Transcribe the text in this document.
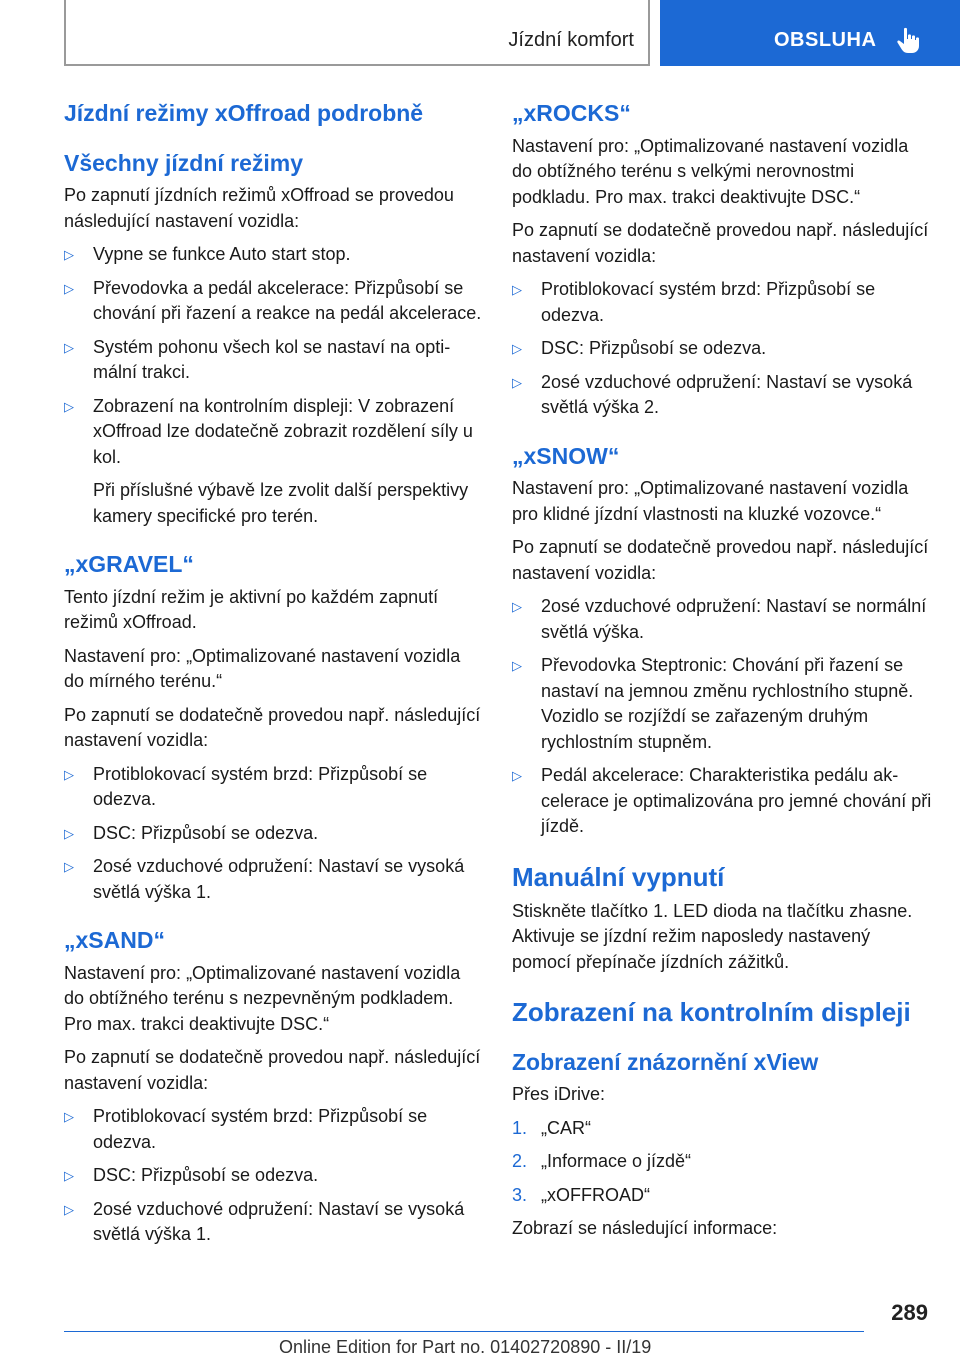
Jízdní komfort	OBSLUHA
Jízdní režimy xOffroad podrobně
Všechny jízdní režimy
Po zapnutí jízdních režimů xOffroad se provedou následující nastavení vozidla:
▷ Vypne se funkce Auto start stop.
▷ Převodovka a pedál akcelerace: Přizpůsobí se chování při řazení a reakce na pedál akcelerace.
▷ Systém pohonu všech kol se nastaví na optimální trakci.
▷ Zobrazení na kontrolním displeji: V zobrazení xOffroad lze dodatečně zobrazit rozdělení síly u kol.
Při příslušné výbavě lze zvolit další perspektivy kamery specifické pro terén.
„xGRAVEL“
Tento jízdní režim je aktivní po každém zapnutí režimů xOffroad.
Nastavení pro: „Optimalizované nastavení vozidla do mírného terénu.“
Po zapnutí se dodatečně provedou např. následující nastavení vozidla:
▷ Protiblokovací systém brzd: Přizpůsobí se odezva.
▷ DSC: Přizpůsobí se odezva.
▷ 2osé vzduchové odpružení: Nastaví se vysoká světlá výška 1.
„xSAND“
Nastavení pro: „Optimalizované nastavení vozidla do obtížného terénu s nezpevněným podkladem. Pro max. trakci deaktivujte DSC.“
Po zapnutí se dodatečně provedou např. následující nastavení vozidla:
▷ Protiblokovací systém brzd: Přizpůsobí se odezva.
▷ DSC: Přizpůsobí se odezva.
▷ 2osé vzduchové odpružení: Nastaví se vysoká světlá výška 1.
„xROCKS“
Nastavení pro: „Optimalizované nastavení vozidla do obtížného terénu s velkými nerovnostmi podkladu. Pro max. trakci deaktivujte DSC.“
Po zapnutí se dodatečně provedou např. následující nastavení vozidla:
▷ Protiblokovací systém brzd: Přizpůsobí se odezva.
▷ DSC: Přizpůsobí se odezva.
▷ 2osé vzduchové odpružení: Nastaví se vysoká světlá výška 2.
„xSNOW“
Nastavení pro: „Optimalizované nastavení vozidla pro klidné jízdní vlastnosti na kluzké vozovce.“
Po zapnutí se dodatečně provedou např. následující nastavení vozidla:
▷ 2osé vzduchové odpružení: Nastaví se normální světlá výška.
▷ Převodovka Steptronic: Chování při řazení se nastaví na jemnou změnu rychlostního stupně. Vozidlo se rozjíždí se zařazeným druhým rychlostním stupněm.
▷ Pedál akcelerace: Charakteristika pedálu akcelerace je optimalizována pro jemné chování při jízdě.
Manuální vypnutí
Stiskněte tlačítko 1. LED dioda na tlačítku zhasne. Aktivuje se jízdní režim naposledy nastavený pomocí přepínače jízdních zážitků.
Zobrazení na kontrolním displeji
Zobrazení znázornění xView
Přes iDrive:
1. „CAR“
2. „Informace o jízdě“
3. „xOFFROAD“
Zobrazí se následující informace:
289
Online Edition for Part no. 01402720890 - II/19
